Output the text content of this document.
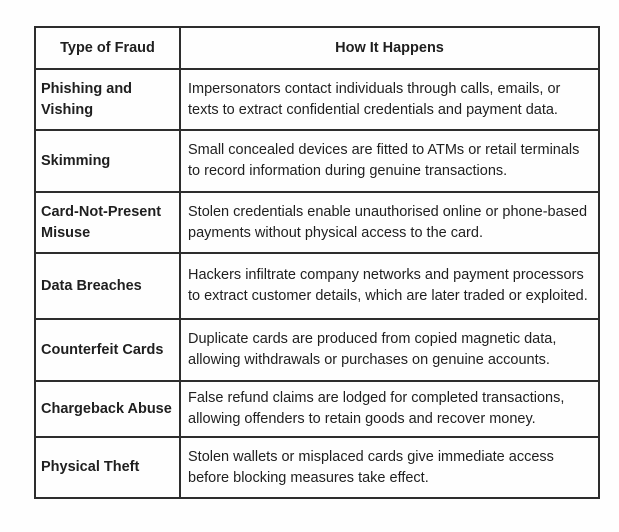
Type of Fraud	How It Happens
Phishing and Vishing	Impersonators contact individuals through calls, emails, or texts to extract confidential credentials and payment data.
Skimming	Small concealed devices are fitted to ATMs or retail terminals to record information during genuine transactions.
Card-Not-Present Misuse	Stolen credentials enable unauthorised online or phone-based payments without physical access to the card.
Data Breaches	Hackers infiltrate company networks and payment processors to extract customer details, which are later traded or exploited.
Counterfeit Cards	Duplicate cards are produced from copied magnetic data, allowing withdrawals or purchases on genuine accounts.
Chargeback Abuse	False refund claims are lodged for completed transactions, allowing offenders to retain goods and recover money.
Physical Theft	Stolen wallets or misplaced cards give immediate access before blocking measures take effect.
